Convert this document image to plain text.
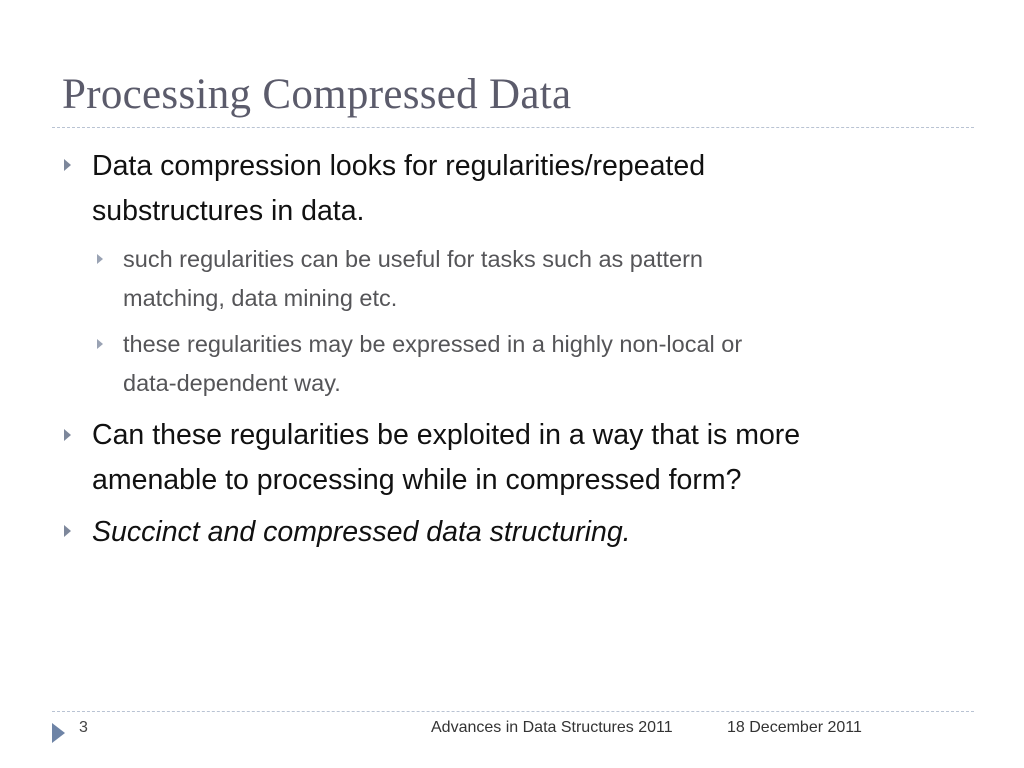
Processing Compressed Data
Data compression looks for regularities/repeated
substructures in data.
such regularities can be useful for tasks such as pattern
matching, data mining etc.
these regularities may be expressed in a highly non-local or
data-dependent way.
Can these regularities be exploited in a way that is more
amenable to processing while in compressed form?
Succinct and compressed data structuring.
3	Advances in Data Structures 2011	18 December 2011
